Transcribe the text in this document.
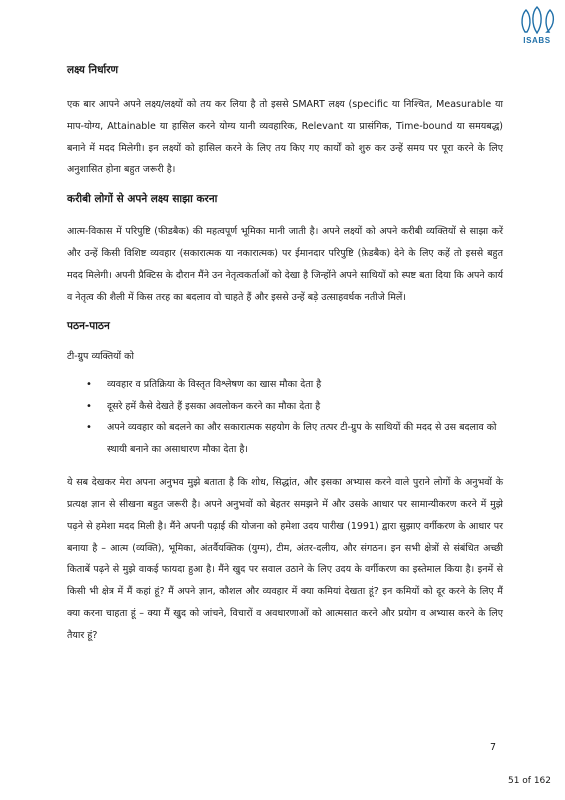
ISABS
लक्ष्य निर्धारण

एक बार आपने अपने लक्ष्य/लक्ष्यों को तय कर लिया है तो इससे SMART लक्ष्य (specific या निश्चित, Measurable या माप-योग्य, Attainable या हासिल करने योग्य यानी व्यवहारिक, Relevant या प्रासंगिक, Time-bound या समयबद्ध) बनाने में मदद मिलेगी। इन लक्ष्यों को हासिल करने के लिए तय किए गए कार्यों को शुरु कर उन्हें समय पर पूरा करने के लिए अनुशासित होना बहुत जरूरी है।

करीबी लोगों से अपने लक्ष्य साझा करना

आत्म-विकास में परिपुष्टि (फीडबैक) की महत्वपूर्ण भूमिका मानी जाती है। अपने लक्ष्यों को अपने करीबी व्यक्तियों से साझा करें और उन्हें किसी विशिष्ट व्यवहार (सकारात्मक या नकारात्मक) पर ईमानदार परिपुष्टि (फ़ेडबैक) देने के लिए कहें तो इससे बहुत मदद मिलेगी। अपनी प्रैक्टिस के दौरान मैंने उन नेतृत्वकर्ताओं को देखा है जिन्होंने अपने साथियों को स्पष्ट बता दिया कि अपने कार्य व नेतृत्व की शैली में किस तरह का बदलाव वो चाहते हैं और इससे उन्हें बड़े उत्साहवर्धक नतीजे मिलें।

पठन-पाठन

टी-ग्रुप व्यक्तियों को

• व्यवहार व प्रतिक्रिया के विस्तृत विश्लेषण का खास मौका देता है
• दूसरे हमें कैसे देखते हैं इसका अवलोकन करने का मौका देता है
• अपने व्यवहार को बदलने का और सकारात्मक सहयोग के लिए तत्पर टी-ग्रुप के साथियों की मदद से उस बदलाव को स्थायी बनाने का असाधारण मौका देता है।

ये सब देखकर मेरा अपना अनुभव मुझे बताता है कि शोध, सिद्धांत, और इसका अभ्यास करने वाले पुराने लोगों के अनुभवों के प्रत्यक्ष ज्ञान से सीखना बहुत जरूरी है। अपने अनुभवों को बेहतर समझने में और उसके आधार पर सामान्यीकरण करने में मुझे पढ़ने से हमेशा मदद मिली है। मैंने अपनी पढ़ाई की योजना को हमेशा उदय पारीख (1991) द्वारा सुझाए वर्गीकरण के आधार पर बनाया है – आत्म (व्यक्ति), भूमिका, अंतर्वैयक्तिक (युग्म), टीम, अंतर-दलीय, और संगठन। इन सभी क्षेत्रों से संबंधित अच्छी किताबें पढ़ने से मुझे वाकई फायदा हुआ है। मैंने खुद पर सवाल उठाने के लिए उदय के वर्गीकरण का इस्तेमाल किया है। इनमें से किसी भी क्षेत्र में मैं कहां हूं? मैं अपने ज्ञान, कौशल और व्यवहार में क्या कमियां देखता हूं? इन कमियों को दूर करने के लिए मैं क्या करना चाहता हूं – क्या मैं खुद को जांचने, विचारों व अवधारणाओं को आत्मसात करने और प्रयोग व अभ्यास करने के लिए तैयार हूं?

7
51 of 162
